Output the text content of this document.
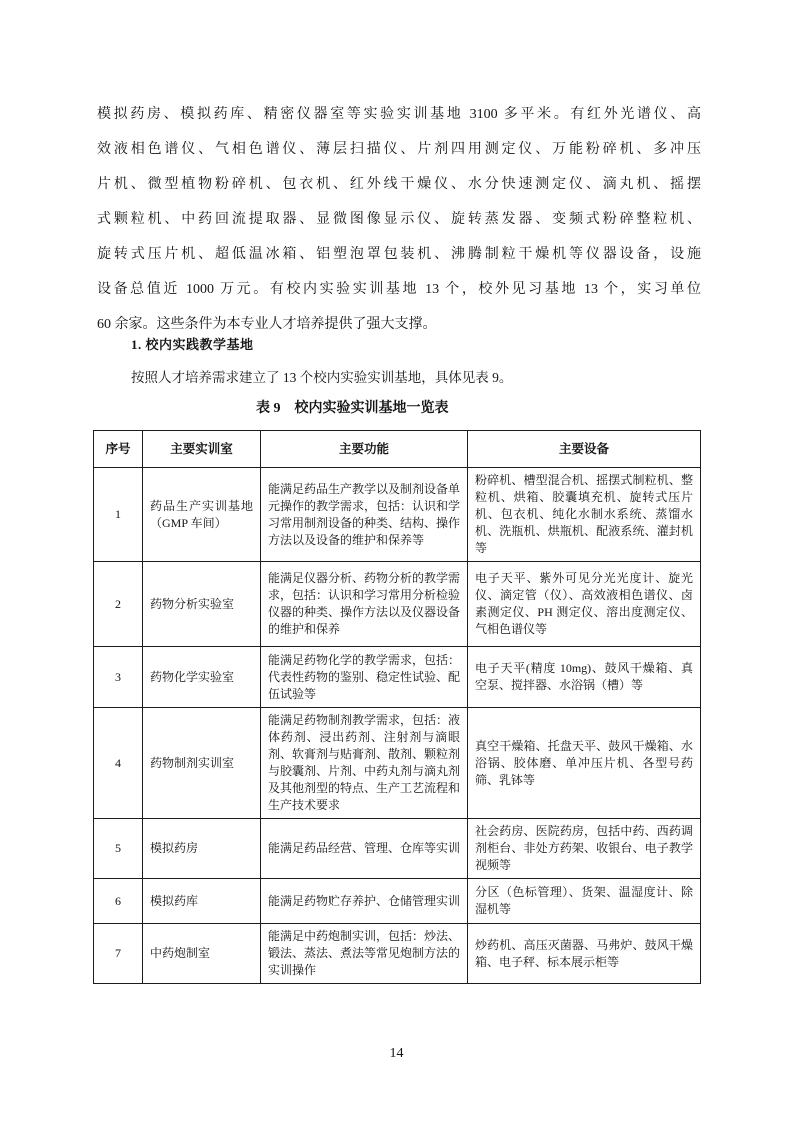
模拟药房、模拟药库、精密仪器室等实验实训基地 3100 多平米。有红外光谱仪、高
效液相色谱仪、气相色谱仪、薄层扫描仪、片剂四用测定仪、万能粉碎机、多冲压
片机、微型植物粉碎机、包衣机、红外线干燥仪、水分快速测定仪、滴丸机、摇摆
式颗粒机、中药回流提取器、显微图像显示仪、旋转蒸发器、变频式粉碎整粒机、
旋转式压片机、超低温冰箱、铝塑泡罩包装机、沸腾制粒干燥机等仪器设备，设施
设备总值近 1000 万元。有校内实验实训基地 13 个，校外见习基地 13 个，实习单位
60 余家。这些条件为本专业人才培养提供了强大支撑。
1. 校内实践教学基地
按照人才培养需求建立了 13 个校内实验实训基地，具体见表 9。
表 9　校内实验实训基地一览表
序号	主要实训室	主要功能	主要设备
1	药品生产实训基地（GMP 车间）	能满足药品生产教学以及制剂设备单元操作的教学需求，包括：认识和学习常用制剂设备的种类、结构、操作方法以及设备的维护和保养等	粉碎机、槽型混合机、摇摆式制粒机、整粒机、烘箱、胶囊填充机、旋转式压片机、包衣机、纯化水制水系统、蒸馏水机、洗瓶机、烘瓶机、配液系统、灌封机等
2	药物分析实验室	能满足仪器分析、药物分析的教学需求，包括：认识和学习常用分析检验仪器的种类、操作方法以及仪器设备的维护和保养	电子天平、紫外可见分光光度计、旋光仪、滴定管（仪）、高效液相色谱仪、卤素测定仪、PH 测定仪、溶出度测定仪、气相色谱仪等
3	药物化学实验室	能满足药物化学的教学需求，包括：代表性药物的鉴别、稳定性试验、配伍试验等	电子天平(精度 10mg)、鼓风干燥箱、真空泵、搅拌器、水浴锅（槽）等
4	药物制剂实训室	能满足药物制剂教学需求，包括：液体药剂、浸出药剂、注射剂与滴眼剂、软膏剂与贴膏剂、散剂、颗粒剂与胶囊剂、片剂、中药丸剂与滴丸剂及其他剂型的特点、生产工艺流程和生产技术要求	真空干燥箱、托盘天平、鼓风干燥箱、水浴锅、胶体磨、单冲压片机、各型号药筛、乳钵等
5	模拟药房	能满足药品经营、管理、仓库等实训	社会药房、医院药房，包括中药、西药调剂柜台、非处方药架、收银台、电子教学视频等
6	模拟药库	能满足药物贮存养护、仓储管理实训	分区（色标管理）、货架、温湿度计、除湿机等
7	中药炮制室	能满足中药炮制实训，包括：炒法、锻法、蒸法、煮法等常见炮制方法的实训操作	炒药机、高压灭菌器、马弗炉、鼓风干燥箱、电子秤、标本展示柜等
14
